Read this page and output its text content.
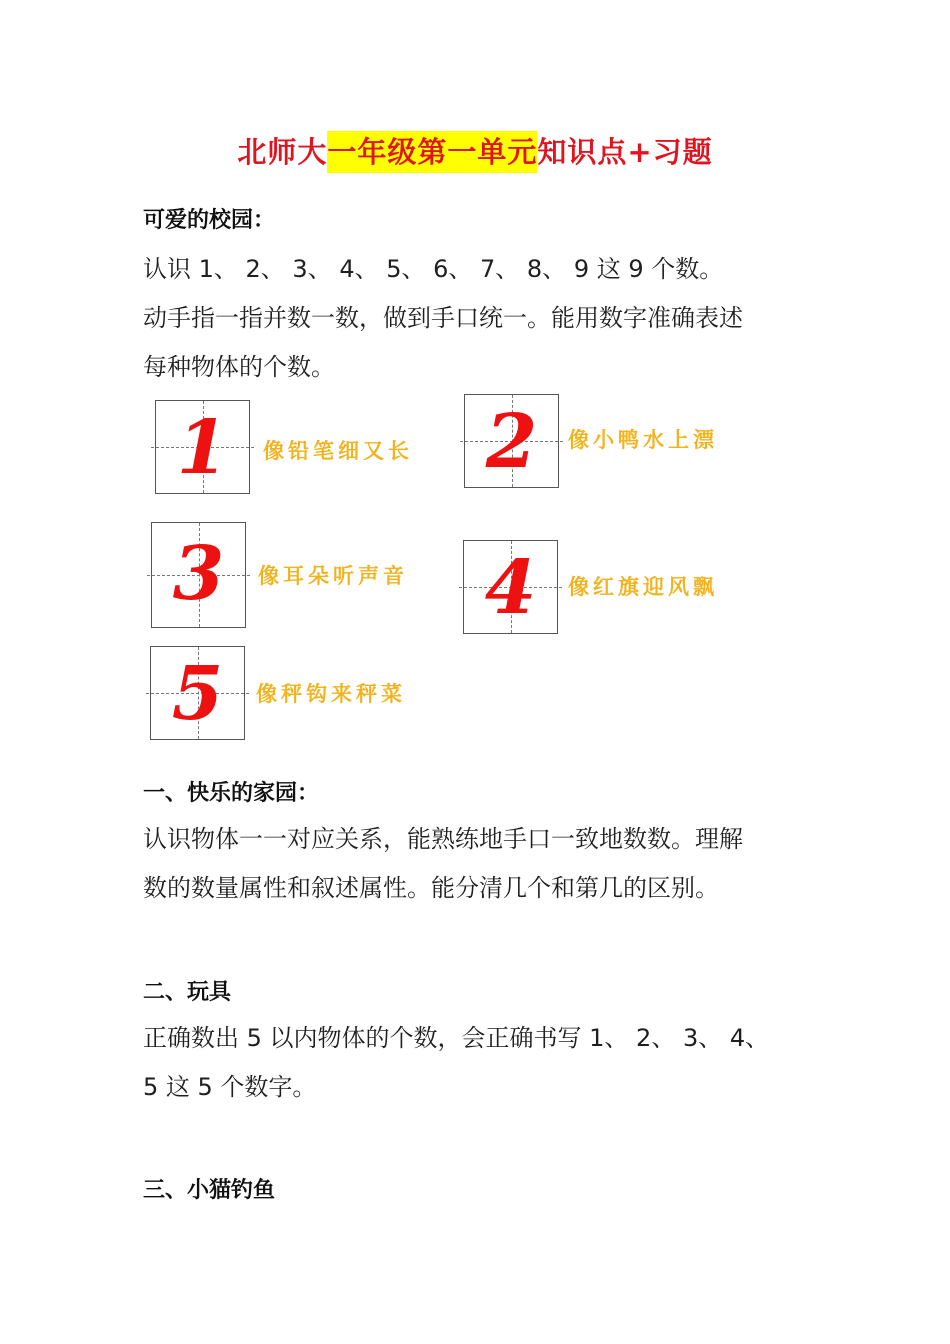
北师大一年级第一单元知识点+习题
可爱的校园：

认识 1、 2、 3、 4、 5、 6、 7、 8、 9 这 9 个数。

动手指一指并数一数，做到手口统一。能用数字准确表述

每种物体的个数。

1	像铅笔细又长 2	像小鸭水上漂
3	像耳朵听声音 4	像红旗迎风飘
5	像秤钩来秤菜
一、快乐的家园：

认识物体一一对应关系，能熟练地手口一致地数数。理解

数的数量属性和叙述属性。能分清几个和第几的区别。

二、玩具

正确数出 5 以内物体的个数，会正确书写 1、 2、 3、 4、

5 这 5 个数字。

三、小猫钓鱼
